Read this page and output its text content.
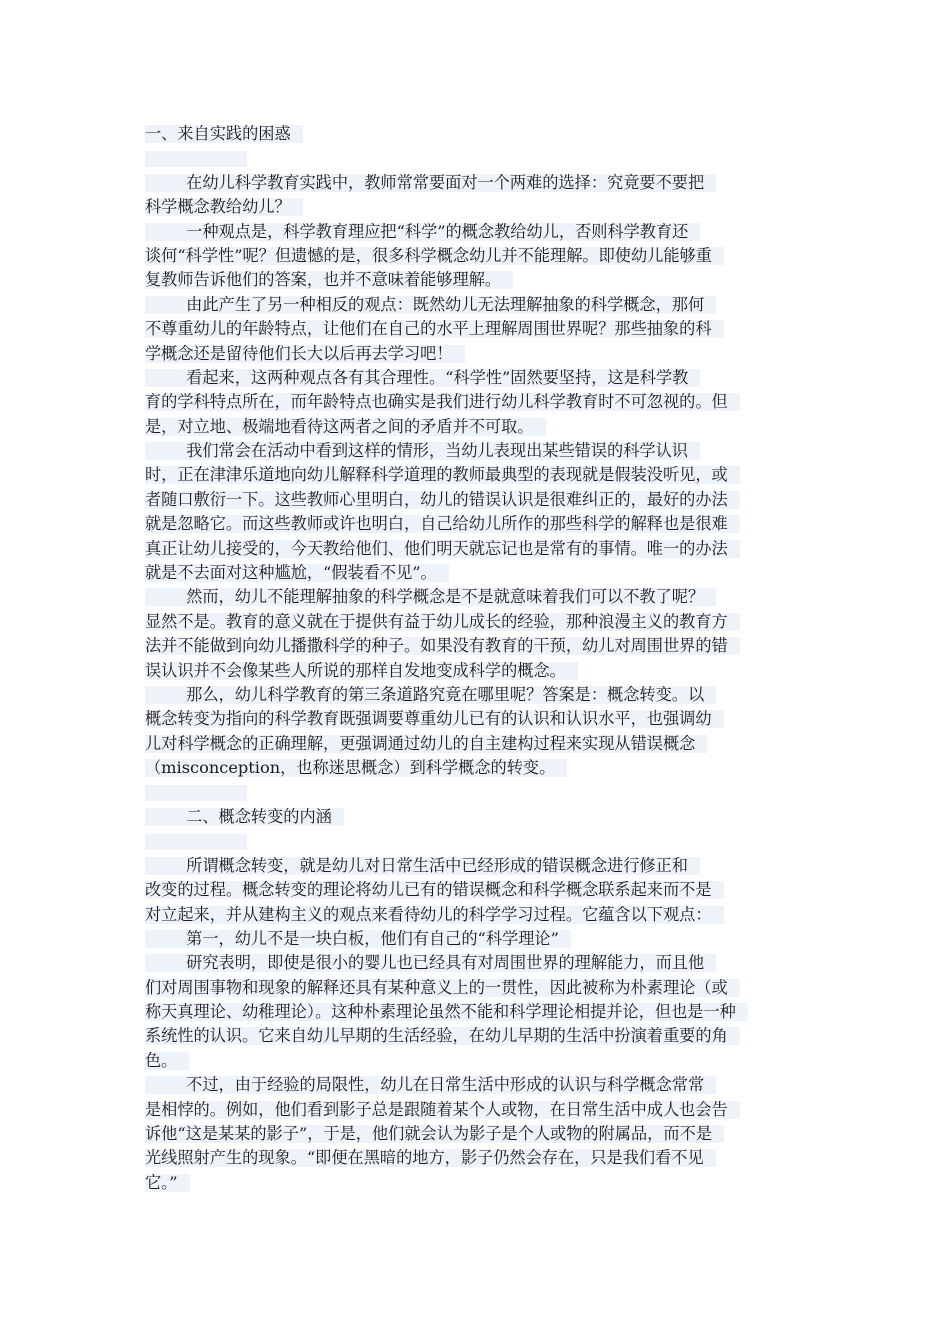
一、来自实践的困惑
在幼儿科学教育实践中，教师常常要面对一个两难的选择：究竟要不要把
科学概念教给幼儿？
一种观点是，科学教育理应把“科学”的概念教给幼儿，否则科学教育还
谈何“科学性”呢？但遗憾的是，很多科学概念幼儿并不能理解。即使幼儿能够重
复教师告诉他们的答案，也并不意味着能够理解。
由此产生了另一种相反的观点：既然幼儿无法理解抽象的科学概念，那何
不尊重幼儿的年龄特点，让他们在自己的水平上理解周围世界呢？那些抽象的科
学概念还是留待他们长大以后再去学习吧！
看起来，这两种观点各有其合理性。“科学性”固然要坚持，这是科学教
育的学科特点所在，而年龄特点也确实是我们进行幼儿科学教育时不可忽视的。但
是，对立地、极端地看待这两者之间的矛盾并不可取。
我们常会在活动中看到这样的情形，当幼儿表现出某些错误的科学认识
时，正在津津乐道地向幼儿解释科学道理的教师最典型的表现就是假装没听见，或
者随口敷衍一下。这些教师心里明白，幼儿的错误认识是很难纠正的，最好的办法
就是忽略它。而这些教师或许也明白，自己给幼儿所作的那些科学的解释也是很难
真正让幼儿接受的，今天教给他们、他们明天就忘记也是常有的事情。唯一的办法
就是不去面对这种尴尬，“假装看不见”。
然而，幼儿不能理解抽象的科学概念是不是就意味着我们可以不教了呢？
显然不是。教育的意义就在于提供有益于幼儿成长的经验，那种浪漫主义的教育方
法并不能做到向幼儿播撒科学的种子。如果没有教育的干预，幼儿对周围世界的错
误认识并不会像某些人所说的那样自发地变成科学的概念。
那么，幼儿科学教育的第三条道路究竟在哪里呢？答案是：概念转变。以
概念转变为指向的科学教育既强调要尊重幼儿已有的认识和认识水平，也强调幼
儿对科学概念的正确理解，更强调通过幼儿的自主建构过程来实现从错误概念
（misconception，也称迷思概念）到科学概念的转变。
二、概念转变的内涵
所谓概念转变，就是幼儿对日常生活中已经形成的错误概念进行修正和
改变的过程。概念转变的理论将幼儿已有的错误概念和科学概念联系起来而不是
对立起来，并从建构主义的观点来看待幼儿的科学学习过程。它蕴含以下观点：
第一，幼儿不是一块白板，他们有自己的“科学理论”
研究表明，即使是很小的婴儿也已经具有对周围世界的理解能力，而且他
们对周围事物和现象的解释还具有某种意义上的一贯性，因此被称为朴素理论（或
称天真理论、幼稚理论）。这种朴素理论虽然不能和科学理论相提并论，但也是一种
系统性的认识。它来自幼儿早期的生活经验，在幼儿早期的生活中扮演着重要的角
色。
不过，由于经验的局限性，幼儿在日常生活中形成的认识与科学概念常常
是相悖的。例如，他们看到影子总是跟随着某个人或物，在日常生活中成人也会告
诉他“这是某某的影子”，于是，他们就会认为影子是个人或物的附属品，而不是
光线照射产生的现象。“即便在黑暗的地方，影子仍然会存在，只是我们看不见
它。”
